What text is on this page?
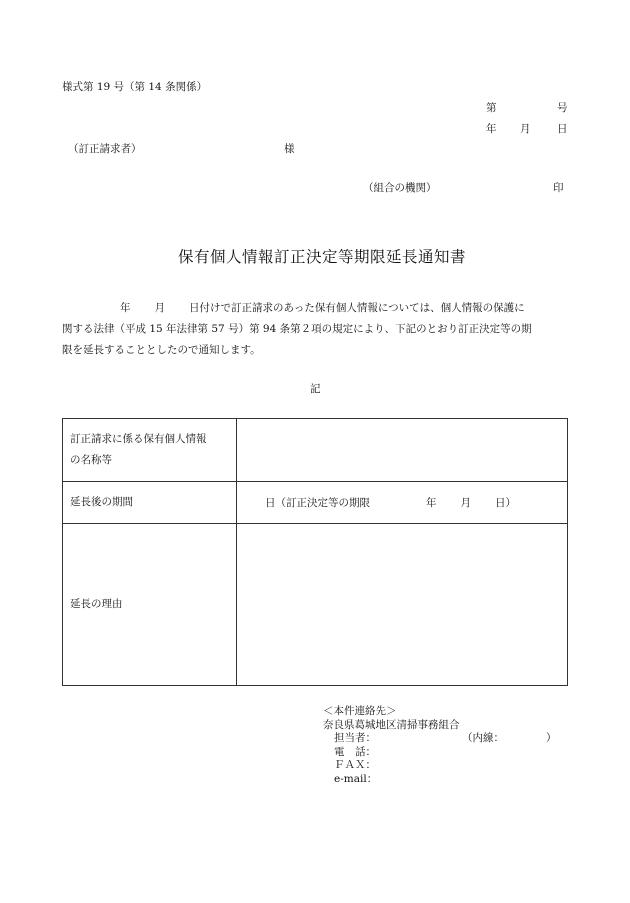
様式第 19 号（第 14 条関係）
第	号
年 月	日
（訂正請求者）	様
（組合の機関）	印
保有個人情報訂正決定等期限延長通知書
年 月 日付けで訂正請求のあった保有個人情報については、個人情報の保護に
関する法律（平成 15 年法律第 57 号）第 94 条第２項の規定により、下記のとおり訂正決定等の期
限を延長することとしたので通知します。
記
訂正請求に係る保有個人情報
の名称等	

延長後の期間	日（訂正決定等の期限 年 月 日）
延長の理由	
＜本件連絡先＞
奈良県葛城地区清掃事務組合
担当者：	（内線：	）
電　話：
ＦＡＸ：
e-mail：
